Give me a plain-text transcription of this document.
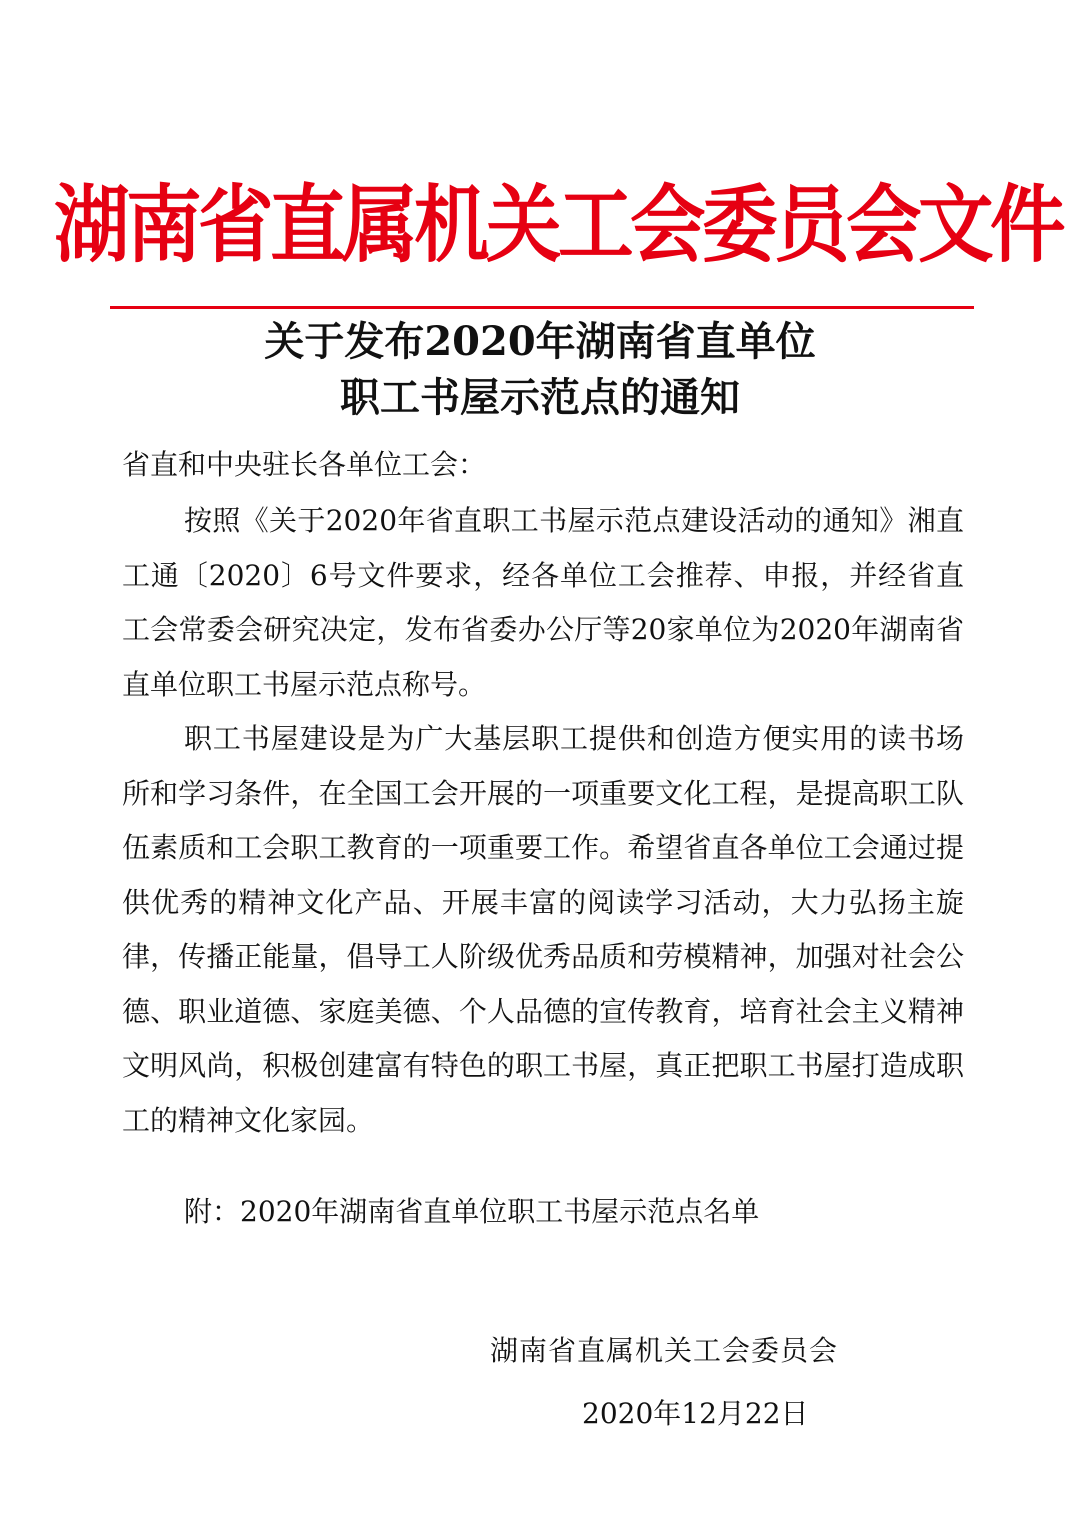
湖南省直属机关工会委员会文件
关于发布2020年湖南省直单位
职工书屋示范点的通知
省直和中央驻长各单位工会：

按照《关于2020年省直职工书屋示范点建设活动的通知》湘直工通〔2020〕6号文件要求，经各单位工会推荐、申报，并经省直工会常委会研究决定，发布省委办公厅等20家单位为2020年湖南省直单位职工书屋示范点称号。

职工书屋建设是为广大基层职工提供和创造方便实用的读书场所和学习条件，在全国工会开展的一项重要文化工程，是提高职工队伍素质和工会职工教育的一项重要工作。希望省直各单位工会通过提供优秀的精神文化产品、开展丰富的阅读学习活动，大力弘扬主旋律，传播正能量，倡导工人阶级优秀品质和劳模精神，加强对社会公德、职业道德、家庭美德、个人品德的宣传教育，培育社会主义精神文明风尚，积极创建富有特色的职工书屋，真正把职工书屋打造成职工的精神文化家园。

附：2020年湖南省直单位职工书屋示范点名单
湖南省直属机关工会委员会
2020年12月22日
